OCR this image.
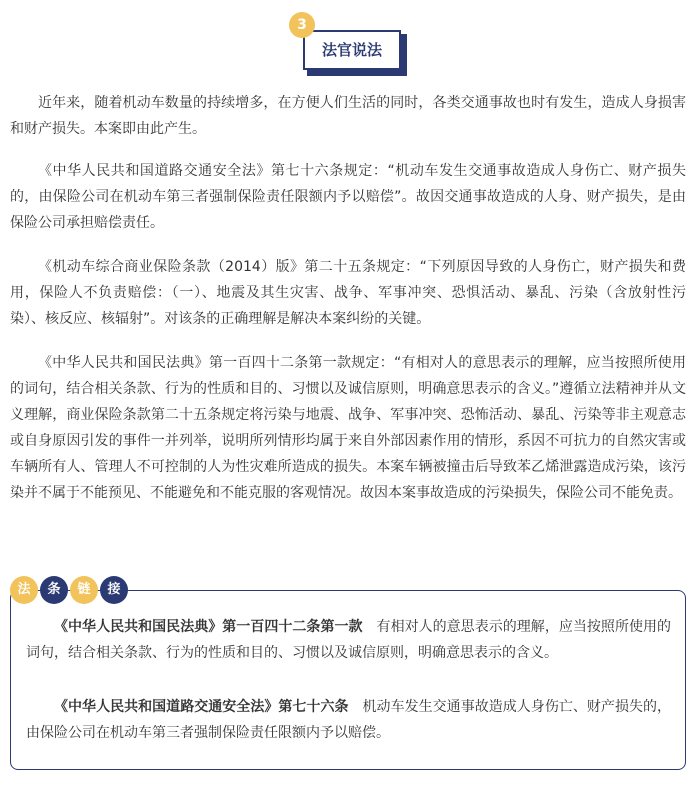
3
法官说法

近年来，随着机动车数量的持续增多，在方便人们生活的同时，各类交通事故也时有发生，造成人身损害和财产损失。本案即由此产生。

《中华人民共和国道路交通安全法》第七十六条规定：“机动车发生交通事故造成人身伤亡、财产损失的，由保险公司在机动车第三者强制保险责任限额内予以赔偿”。故因交通事故造成的人身、财产损失，是由保险公司承担赔偿责任。

《机动车综合商业保险条款（2014）版》第二十五条规定：“下列原因导致的人身伤亡，财产损失和费用，保险人不负责赔偿：（一）、地震及其生灾害、战争、军事冲突、恐惧活动、暴乱、污染（含放射性污染）、核反应、核辐射”。对该条的正确理解是解决本案纠纷的关键。

《中华人民共和国民法典》第一百四十二条第一款规定：“有相对人的意思表示的理解，应当按照所使用的词句，结合相关条款、行为的性质和目的、习惯以及诚信原则，明确意思表示的含义。”遵循立法精神并从文义理解，商业保险条款第二十五条规定将污染与地震、战争、军事冲突、恐怖活动、暴乱、污染等非主观意志或自身原因引发的事件一并列举，说明所列情形均属于来自外部因素作用的情形，系因不可抗力的自然灾害或车辆所有人、管理人不可控制的人为性灾难所造成的损失。本案车辆被撞击后导致苯乙烯泄露造成污染，该污染并不属于不能预见、不能避免和不能克服的客观情况。故因本案事故造成的污染损失，保险公司不能免责。

法	条	链	接

《中华人民共和国民法典》第一百四十二条第一款　 有相对人的意思表示的理解，应当按照所使用的词句，结合相关条款、行为的性质和目的、习惯以及诚信原则，明确意思表示的含义。

《中华人民共和国道路交通安全法》第七十六条　 机动车发生交通事故造成人身伤亡、财产损失的，由保险公司在机动车第三者强制保险责任限额内予以赔偿。
